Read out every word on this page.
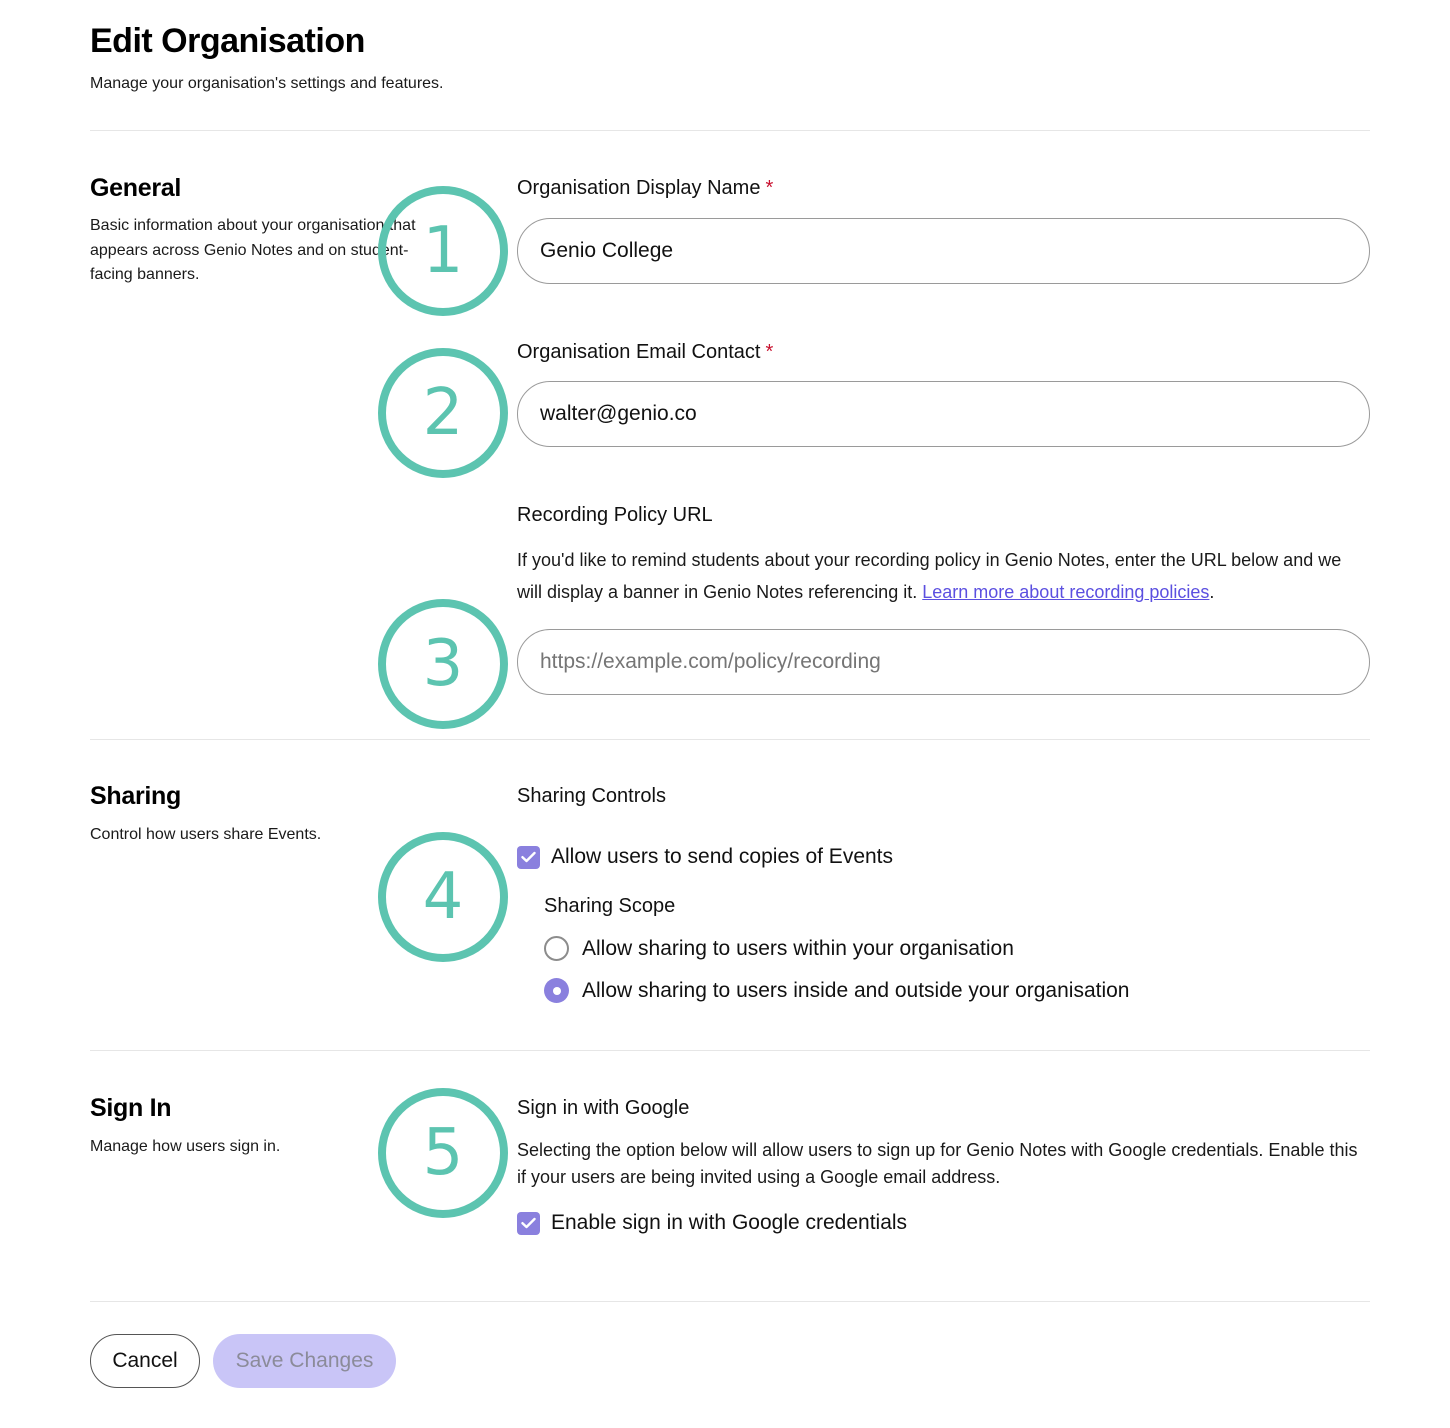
Edit Organisation
Manage your organisation's settings and features.
General
Basic information about your organisation that appears across Genio Notes and on student-facing banners.
Organisation Display Name *
Genio College
Organisation Email Contact *
walter@genio.co
Recording Policy URL
If you'd like to remind students about your recording policy in Genio Notes, enter the URL below and we will display a banner in Genio Notes referencing it. Learn more about recording policies.
https://example.com/policy/recording
Sharing
Control how users share Events.
Sharing Controls
Allow users to send copies of Events
Sharing Scope
Allow sharing to users within your organisation
Allow sharing to users inside and outside your organisation
Sign In
Manage how users sign in.
Sign in with Google
Selecting the option below will allow users to sign up for Genio Notes with Google credentials. Enable this if your users are being invited using a Google email address.
Enable sign in with Google credentials
Cancel	Save Changes
1
2
3
4
5
